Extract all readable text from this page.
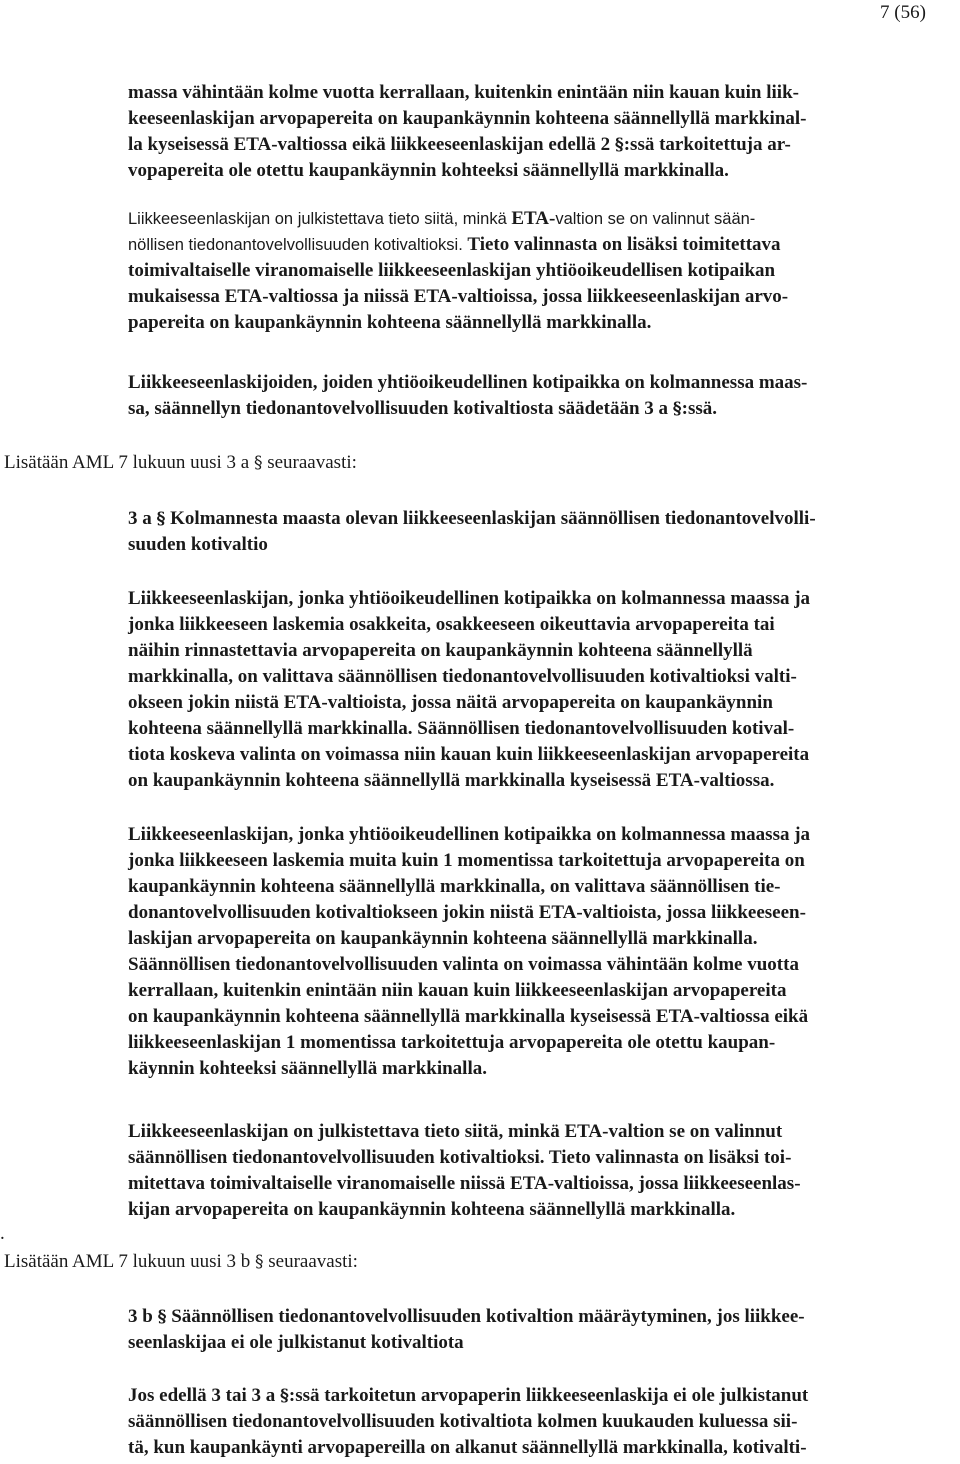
7 (56)
massa vähintään kolme vuotta kerrallaan, kuitenkin enintään niin kauan kuin liik-
keeseenlaskijan arvopapereita on kaupankäynnin kohteena säännellyllä markkinal-
la kyseisessä ETA-valtiossa eikä liikkeeseenlaskijan edellä 2 §:ssä tarkoitettuja ar-
vopapereita ole otettu kaupankäynnin kohteeksi säännellyllä markkinalla.
Liikkeeseenlaskijan on julkistettava tieto siitä, minkä ETA-valtion se on valinnut sään-
nöllisen tiedonantovelvollisuuden kotivaltioksi. Tieto valinnasta on lisäksi toimitettava
toimivaltaiselle viranomaiselle liikkeeseenlaskijan yhtiöoikeudellisen kotipaikan
mukaisessa ETA-valtiossa ja niissä ETA-valtioissa, jossa liikkeeseenlaskijan arvo-
papereita on kaupankäynnin kohteena säännellyllä markkinalla.
Liikkeeseenlaskijoiden, joiden yhtiöoikeudellinen kotipaikka on kolmannessa maas-
sa, säännellyn tiedonantovelvollisuuden kotivaltiosta säädetään 3 a §:ssä.
Lisätään AML 7 lukuun uusi 3 a § seuraavasti:
3 a § Kolmannesta maasta olevan liikkeeseenlaskijan säännöllisen tiedonantovelvolli-
suuden kotivaltio
Liikkeeseenlaskijan, jonka yhtiöoikeudellinen kotipaikka on kolmannessa maassa ja
jonka liikkeeseen laskemia osakkeita, osakkeeseen oikeuttavia arvopapereita tai
näihin rinnastettavia arvopapereita on kaupankäynnin kohteena säännellyllä
markkinalla, on valittava säännöllisen tiedonantovelvollisuuden kotivaltioksi valti-
okseen jokin niistä ETA-valtioista, jossa näitä arvopapereita on kaupankäynnin
kohteena säännellyllä markkinalla. Säännöllisen tiedonantovelvollisuuden kotival-
tiota koskeva valinta on voimassa niin kauan kuin liikkeeseenlaskijan arvopapereita
on kaupankäynnin kohteena säännellyllä markkinalla kyseisessä ETA-valtiossa.
Liikkeeseenlaskijan, jonka yhtiöoikeudellinen kotipaikka on kolmannessa maassa ja
jonka liikkeeseen laskemia muita kuin 1 momentissa tarkoitettuja arvopapereita on
kaupankäynnin kohteena säännellyllä markkinalla, on valittava säännöllisen tie-
donantovelvollisuuden kotivaltiokseen jokin niistä ETA-valtioista, jossa liikkeeseen-
laskijan arvopapereita on kaupankäynnin kohteena säännellyllä markkinalla.
Säännöllisen tiedonantovelvollisuuden valinta on voimassa vähintään kolme vuotta
kerrallaan, kuitenkin enintään niin kauan kuin liikkeeseenlaskijan arvopapereita
on kaupankäynnin kohteena säännellyllä markkinalla kyseisessä ETA-valtiossa eikä
liikkeeseenlaskijan 1 momentissa tarkoitettuja arvopapereita ole otettu kaupan-
käynnin kohteeksi säännellyllä markkinalla.
Liikkeeseenlaskijan on julkistettava tieto siitä, minkä ETA-valtion se on valinnut
säännöllisen tiedonantovelvollisuuden kotivaltioksi. Tieto valinnasta on lisäksi toi-
mitettava toimivaltaiselle viranomaiselle niissä ETA-valtioissa, jossa liikkeeseenlas-
kijan arvopapereita on kaupankäynnin kohteena säännellyllä markkinalla.
.
Lisätään AML 7 lukuun uusi 3 b § seuraavasti:
3 b § Säännöllisen tiedonantovelvollisuuden kotivaltion määräytyminen, jos liikkee-
seenlaskijaa ei ole julkistanut kotivaltiota
Jos edellä 3 tai 3 a §:ssä tarkoitetun arvopaperin liikkeeseenlaskija ei ole julkistanut
säännöllisen tiedonantovelvollisuuden kotivaltiota kolmen kuukauden kuluessa sii-
tä, kun kaupankäynti arvopapereilla on alkanut säännellyllä markkinalla, kotivalti-
